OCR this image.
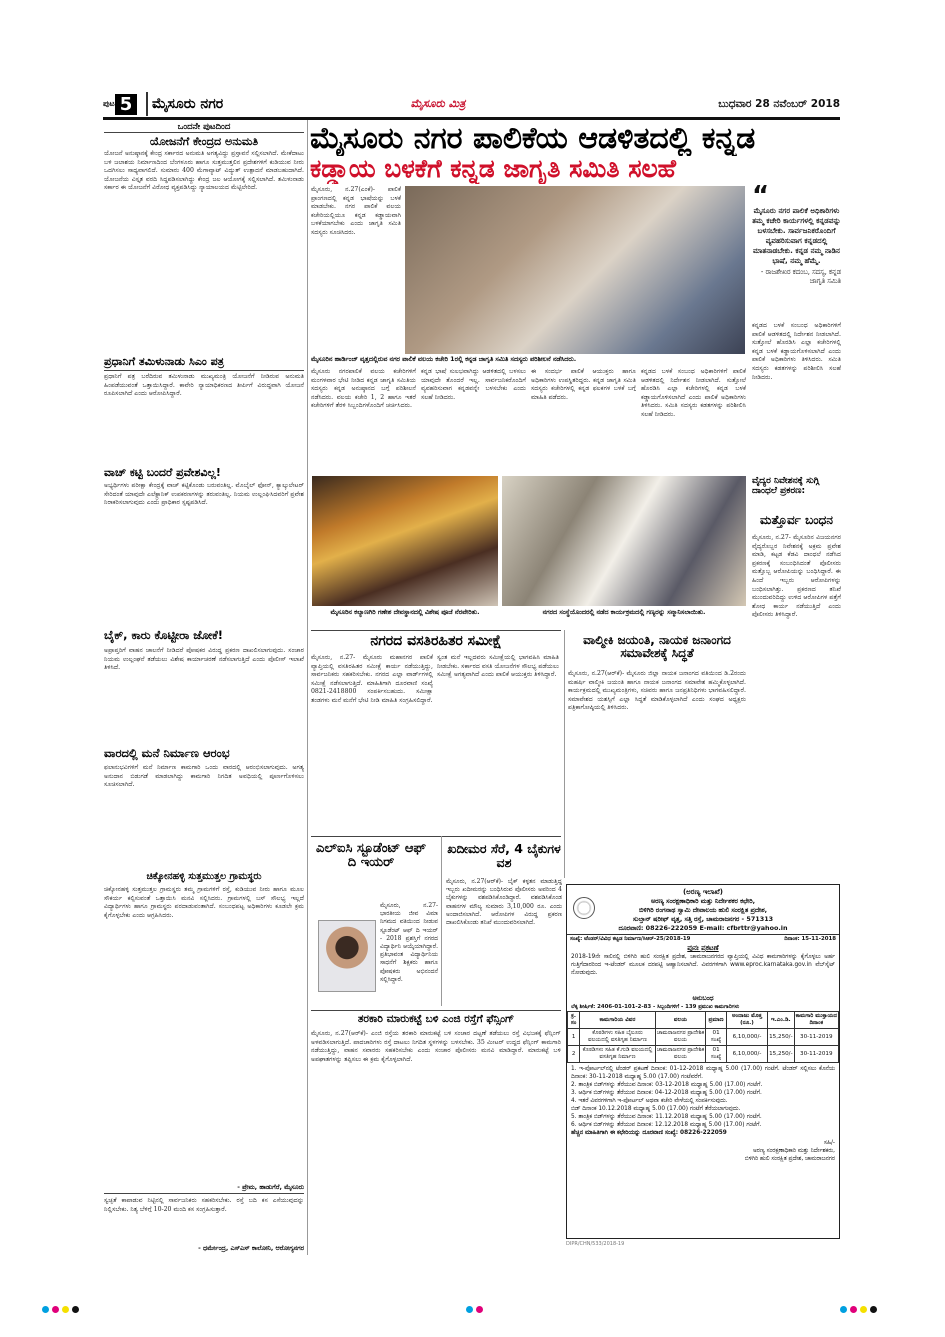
ಪುಟ 5	ಮೈಸೂರು ನಗರ	ಮೈಸೂರು ಮಿತ್ರ	ಬುಧವಾರ 28 ನವೆಂಬರ್ 2018
ಒಂದನೇ ಪುಟದಿಂದ
ಯೋಜನೆಗೆ ಕೇಂದ್ರದ ಅನುಮತಿ
ಯೋಜನೆ ಅನುಷ್ಠಾನಕ್ಕೆ ಕೇಂದ್ರ ಸರ್ಕಾರದ ಅನುಮತಿ ಅಗತ್ಯವಿದ್ದು ಪ್ರಸ್ತಾವನೆ ಸಲ್ಲಿಸಲಾಗಿದೆ. ಮೇಕೆದಾಟು ಬಳಿ ಜಲಾಶಯ ನಿರ್ಮಾಣದಿಂದ ಬೆಂಗಳೂರು ಹಾಗೂ ಸುತ್ತಮುತ್ತಲಿನ ಪ್ರದೇಶಗಳಿಗೆ ಕುಡಿಯುವ ನೀರು ಒದಗಿಸಲು ಸಾಧ್ಯವಾಗಲಿದೆ. ಸುಮಾರು 400 ಮೆಗಾವ್ಯಾಟ್ ವಿದ್ಯುತ್ ಉತ್ಪಾದನೆ ಮಾಡಬಹುದಾಗಿದೆ. ಯೋಜನೆಯ ವಿಸ್ತೃತ ವರದಿ ಸಿದ್ಧಪಡಿಸಲಾಗಿದ್ದು ಕೇಂದ್ರ ಜಲ ಆಯೋಗಕ್ಕೆ ಸಲ್ಲಿಸಲಾಗಿದೆ. ತಮಿಳುನಾಡು ಸರ್ಕಾರ ಈ ಯೋಜನೆಗೆ ವಿರೋಧ ವ್ಯಕ್ತಪಡಿಸಿದ್ದು ನ್ಯಾಯಾಲಯದ ಮೆಟ್ಟಿಲೇರಿದೆ.
ಪ್ರಧಾನಿಗೆ ತಮಿಳುನಾಡು ಸಿಎಂ ಪತ್ರ
ಪ್ರಧಾನಿಗೆ ಪತ್ರ ಬರೆದಿರುವ ತಮಿಳುನಾಡು ಮುಖ್ಯಮಂತ್ರಿ ಯೋಜನೆಗೆ ನೀಡಿರುವ ಅನುಮತಿ ಹಿಂಪಡೆಯುವಂತೆ ಒತ್ತಾಯಿಸಿದ್ದಾರೆ. ಕಾವೇರಿ ನ್ಯಾಯಾಧಿಕರಣದ ತೀರ್ಪಿಗೆ ವಿರುದ್ಧವಾಗಿ ಯೋಜನೆ ರೂಪಿಸಲಾಗಿದೆ ಎಂದು ಆರೋಪಿಸಿದ್ದಾರೆ.
ವಾಚ್ ಕಟ್ಟಿ ಬಂದರೆ ಪ್ರವೇಶವಿಲ್ಲ!
ಅಭ್ಯರ್ಥಿಗಳು ಪರೀಕ್ಷಾ ಕೇಂದ್ರಕ್ಕೆ ವಾಚ್ ಕಟ್ಟಿಕೊಂಡು ಬರುವಂತಿಲ್ಲ. ಮೊಬೈಲ್ ಫೋನ್, ಕ್ಯಾಲ್ಕುಲೇಟರ್ ಸೇರಿದಂತೆ ಯಾವುದೇ ಎಲೆಕ್ಟ್ರಾನಿಕ್ ಉಪಕರಣಗಳನ್ನು ತರುವಂತಿಲ್ಲ. ನಿಯಮ ಉಲ್ಲಂಘಿಸಿದವರಿಗೆ ಪ್ರವೇಶ ನಿರಾಕರಿಸಲಾಗುವುದು ಎಂದು ಪ್ರಾಧಿಕಾರ ಸ್ಪಷ್ಟಪಡಿಸಿದೆ.
ಬೈಕ್, ಕಾರು ಕೊಟ್ಟೀರಾ ಜೋಕೆ!
ಅಪ್ರಾಪ್ತರಿಗೆ ವಾಹನ ಚಾಲನೆಗೆ ನೀಡಿದರೆ ಪೋಷಕರ ವಿರುದ್ಧ ಪ್ರಕರಣ ದಾಖಲಿಸಲಾಗುವುದು. ಸಂಚಾರ ನಿಯಮ ಉಲ್ಲಂಘನೆ ತಡೆಯಲು ವಿಶೇಷ ಕಾರ್ಯಾಚರಣೆ ನಡೆಸಲಾಗುತ್ತಿದೆ ಎಂದು ಪೊಲೀಸ್ ಇಲಾಖೆ ತಿಳಿಸಿದೆ.
ವಾರದಲ್ಲಿ ಮನೆ ನಿರ್ಮಾಣ ಆರಂಭ
ಫಲಾನುಭವಿಗಳಿಗೆ ಮನೆ ನಿರ್ಮಾಣ ಕಾಮಗಾರಿ ಒಂದು ವಾರದಲ್ಲಿ ಆರಂಭಿಸಲಾಗುವುದು. ಅಗತ್ಯ ಅನುದಾನ ಬಿಡುಗಡೆ ಮಾಡಲಾಗಿದ್ದು ಕಾಮಗಾರಿ ನಿಗದಿತ ಅವಧಿಯಲ್ಲಿ ಪೂರ್ಣಗೊಳಿಸಲು ಸೂಚಿಸಲಾಗಿದೆ.
ಚಿಕ್ಕೋನಹಳ್ಳಿ ಸುತ್ತಮುತ್ತಲ ಗ್ರಾಮಸ್ಥರು
ಚಿಕ್ಕೋನಹಳ್ಳಿ ಸುತ್ತಮುತ್ತಲ ಗ್ರಾಮಸ್ಥರು ತಮ್ಮ ಗ್ರಾಮಗಳಿಗೆ ರಸ್ತೆ, ಕುಡಿಯುವ ನೀರು ಹಾಗೂ ಮೂಲ ಸೌಕರ್ಯ ಕಲ್ಪಿಸುವಂತೆ ಒತ್ತಾಯಿಸಿ ಮನವಿ ಸಲ್ಲಿಸಿದರು. ಗ್ರಾಮಗಳಲ್ಲಿ ಬಸ್ ಸೌಲಭ್ಯ ಇಲ್ಲದೆ ವಿದ್ಯಾರ್ಥಿಗಳು ಹಾಗೂ ಗ್ರಾಮಸ್ಥರು ಪರದಾಡುವಂತಾಗಿದೆ. ಸಂಬಂಧಪಟ್ಟ ಅಧಿಕಾರಿಗಳು ಕೂಡಲೇ ಕ್ರಮ ಕೈಗೊಳ್ಳಬೇಕು ಎಂದು ಆಗ್ರಹಿಸಿದರು.
- ಪ್ರೇಮ, ಹಾಡುಗೆರೆ, ಮೈಸೂರು
ಸ್ವಚ್ಛತೆ ಕಾಪಾಡುವ ನಿಟ್ಟಿನಲ್ಲಿ ಸಾರ್ವಜನಿಕರು ಸಹಕರಿಸಬೇಕು. ರಸ್ತೆ ಬದಿ ಕಸ ಎಸೆಯುವುದನ್ನು ನಿಲ್ಲಿಸಬೇಕು. ನಿತ್ಯ ಬೆಳಿಗ್ಗೆ 10-20 ಮಂದಿ ಕಸ ಸಂಗ್ರಹಿಸುತ್ತಾರೆ.
- ಧರ್ಮೇಂದ್ರ, ಎಸ್‌ಎಸ್ ಕಾಲೋನಿ, ಆರೋಗ್ಯನಗರ
ಮೈಸೂರು ನಗರ ಪಾಲಿಕೆಯ ಆಡಳಿತದಲ್ಲಿ ಕನ್ನಡ
ಕಡ್ಡಾಯ ಬಳಕೆಗೆ ಕನ್ನಡ ಜಾಗೃತಿ ಸಮಿತಿ ಸಲಹೆ
ಮೈಸೂರು, ನ.27(ಎಂಕೆ)- ಪಾಲಿಕೆ ಪ್ರಾಂಗಣದಲ್ಲಿ ಕನ್ನಡ ಭಾಷೆಯನ್ನು ಬಳಕೆ ಮಾಡಬೇಕು. ನಗರ ಪಾಲಿಕೆ ವಲಯ ಕಚೇರಿಯಲ್ಲಿಯೂ ಕನ್ನಡ ಕಡ್ಡಾಯವಾಗಿ ಬಳಕೆಯಾಗಬೇಕು ಎಂದು ಜಾಗೃತಿ ಸಮಿತಿ ಸದಸ್ಯರು ಸೂಚಿಸಿದರು.
ಮೈಸೂರಿನ ಹಾರ್ಡಿಂಜ್ ವೃತ್ತದಲ್ಲಿರುವ ನಗರ ಪಾಲಿಕೆ ವಲಯ ಕಚೇರಿ 1ರಲ್ಲಿ ಕನ್ನಡ ಜಾಗೃತಿ ಸಮಿತಿ ಸದಸ್ಯರು ಪರಿಶೀಲನೆ ನಡೆಸಿದರು.
ಮೈಸೂರು ನಗರಪಾಲಿಕೆ ವಲಯ ಕಚೇರಿಗಳಿಗೆ ಮಂಗಳವಾರ ಭೇಟಿ ನೀಡಿದ ಕನ್ನಡ ಜಾಗೃತಿ ಸಮಿತಿಯ ಸದಸ್ಯರು ಕನ್ನಡ ಅನುಷ್ಠಾನದ ಬಗ್ಗೆ ಪರಿಶೀಲನೆ ನಡೆಸಿದರು. ವಲಯ ಕಚೇರಿ 1, 2 ಹಾಗೂ ಇತರೆ ಕಚೇರಿಗಳಿಗೆ ತೆರಳಿ ಸಿಬ್ಬಂದಿಗಳೊಂದಿಗೆ ಚರ್ಚಿಸಿದರು.
ಕನ್ನಡ ಭಾಷೆ ಸುಲಭವಾಗಿದ್ದು ಆಡಳಿತದಲ್ಲಿ ಬಳಸಲು ಯಾವುದೇ ತೊಂದರೆ ಇಲ್ಲ. ಸಾರ್ವಜನಿಕರೊಂದಿಗೆ ವ್ಯವಹರಿಸುವಾಗ ಕನ್ನಡವನ್ನೇ ಬಳಸಬೇಕು ಎಂದು ಸಲಹೆ ನೀಡಿದರು.
ಈ ಸಂದರ್ಭ ಪಾಲಿಕೆ ಆಯುಕ್ತರು ಹಾಗೂ ಅಧಿಕಾರಿಗಳು ಉಪಸ್ಥಿತರಿದ್ದರು. ಕನ್ನಡ ಜಾಗೃತಿ ಸಮಿತಿ ಸದಸ್ಯರು ಕಚೇರಿಗಳಲ್ಲಿ ಕನ್ನಡ ಫಲಕಗಳ ಬಳಕೆ ಬಗ್ಗೆ ಮಾಹಿತಿ ಪಡೆದರು.
ಕನ್ನಡದ ಬಳಕೆ ಸಂಬಂಧ ಅಧಿಕಾರಿಗಳಿಗೆ ಪಾಲಿಕೆ ಆಡಳಿತದಲ್ಲಿ ನಿರ್ದೇಶನ ನೀಡಲಾಗಿದೆ. ಸುತ್ತೋಲೆ ಹೊರಡಿಸಿ ಎಲ್ಲಾ ಕಚೇರಿಗಳಲ್ಲಿ ಕನ್ನಡ ಬಳಕೆ ಕಡ್ಡಾಯಗೊಳಿಸಲಾಗಿದೆ ಎಂದು ಪಾಲಿಕೆ ಅಧಿಕಾರಿಗಳು ತಿಳಿಸಿದರು. ಸಮಿತಿ ಸದಸ್ಯರು ಕಡತಗಳನ್ನು ಪರಿಶೀಲಿಸಿ ಸಲಹೆ ನೀಡಿದರು.
“
ಮೈಸೂರು ನಗರ ಪಾಲಿಕೆ ಅಧಿಕಾರಿಗಳು ತಮ್ಮ ಕಚೇರಿ ಕಾರ್ಯಗಳಲ್ಲಿ ಕನ್ನಡವನ್ನು ಬಳಸಬೇಕು. ಸಾರ್ವಜನಿಕರೊಂದಿಗೆ ವ್ಯವಹರಿಸುವಾಗ ಕನ್ನಡದಲ್ಲಿ ಮಾತನಾಡಬೇಕು. ಕನ್ನಡ ನಮ್ಮ ನಾಡಿನ ಭಾಷೆ, ನಮ್ಮ ಹೆಮ್ಮೆ.
- ರಾಜಶೇಖರ ಕದಂಬ, ಸದಸ್ಯ, ಕನ್ನಡ ಜಾಗೃತಿ ಸಮಿತಿ
ಕನ್ನಡದ ಬಳಕೆ ಸಂಬಂಧ ಅಧಿಕಾರಿಗಳಿಗೆ ಪಾಲಿಕೆ ಆಡಳಿತದಲ್ಲಿ ನಿರ್ದೇಶನ ನೀಡಲಾಗಿದೆ. ಸುತ್ತೋಲೆ ಹೊರಡಿಸಿ ಎಲ್ಲಾ ಕಚೇರಿಗಳಲ್ಲಿ ಕನ್ನಡ ಬಳಕೆ ಕಡ್ಡಾಯಗೊಳಿಸಲಾಗಿದೆ ಎಂದು ಪಾಲಿಕೆ ಅಧಿಕಾರಿಗಳು ತಿಳಿಸಿದರು. ಸಮಿತಿ ಸದಸ್ಯರು ಕಡತಗಳನ್ನು ಪರಿಶೀಲಿಸಿ ಸಲಹೆ ನೀಡಿದರು.
ಮೈಸೂರಿನ ಕಲ್ಯಾಣಗಿರಿ ಗಣೇಶ ದೇವಸ್ಥಾನದಲ್ಲಿ ವಿಶೇಷ ಪೂಜೆ ನೆರವೇರಿತು.	ನಗರದ ಸಂಸ್ಥೆಯೊಂದರಲ್ಲಿ ನಡೆದ ಕಾರ್ಯಕ್ರಮದಲ್ಲಿ ಗಣ್ಯರನ್ನು ಸನ್ಮಾನಿಸಲಾಯಿತು.
ವೈದ್ಯರ ನಿವೇಶನಕ್ಕೆ ಸುಗ್ಗಿ ದಾಂಧಲೆ ಪ್ರಕರಣ:
ಮತ್ತೊರ್ವ ಬಂಧನ
ಮೈಸೂರು, ನ.27- ಮೈಸೂರಿನ ವಿಜಯನಗರ ವೈದ್ಯರೊಬ್ಬರ ನಿವೇಶನಕ್ಕೆ ಅಕ್ರಮ ಪ್ರವೇಶ ಮಾಡಿ, ಕಟ್ಟಡ ಕೆಡವಿ ದಾಂಧಲೆ ನಡೆಸಿದ ಪ್ರಕರಣಕ್ಕೆ ಸಂಬಂಧಿಸಿದಂತೆ ಪೊಲೀಸರು ಮತ್ತೊಬ್ಬ ಆರೋಪಿಯನ್ನು ಬಂಧಿಸಿದ್ದಾರೆ. ಈ ಹಿಂದೆ ಇಬ್ಬರು ಆರೋಪಿಗಳನ್ನು ಬಂಧಿಸಲಾಗಿತ್ತು. ಪ್ರಕರಣದ ತನಿಖೆ ಮುಂದುವರಿದಿದ್ದು ಉಳಿದ ಆರೋಪಿಗಳ ಪತ್ತೆಗೆ ಶೋಧ ಕಾರ್ಯ ನಡೆಯುತ್ತಿದೆ ಎಂದು ಪೊಲೀಸರು ತಿಳಿಸಿದ್ದಾರೆ.
ನಗರದ ವಸತಿರಹಿತರ ಸಮೀಕ್ಷೆ
ಮೈಸೂರು, ನ.27- ಮೈಸೂರು ಮಹಾನಗರ ಪಾಲಿಕೆ ವ್ಯಾಪ್ತಿಯಲ್ಲಿ ವಸತಿರಹಿತರ ಸಮೀಕ್ಷೆ ಕಾರ್ಯ ನಡೆಯುತ್ತಿದ್ದು, ಸಾರ್ವಜನಿಕರು ಸಹಕರಿಸಬೇಕು. ನಗರದ ಎಲ್ಲಾ ವಾರ್ಡ್‌ಗಳಲ್ಲಿ ಸಮೀಕ್ಷೆ ನಡೆಸಲಾಗುತ್ತಿದೆ. ಮಾಹಿತಿಗಾಗಿ ದೂರವಾಣಿ ಸಂಖ್ಯೆ 0821-2418800 ಸಂಪರ್ಕಿಸಬಹುದು. ಸಮೀಕ್ಷಾ ತಂಡಗಳು ಮನೆ ಮನೆಗೆ ಭೇಟಿ ನೀಡಿ ಮಾಹಿತಿ ಸಂಗ್ರಹಿಸಲಿದ್ದಾರೆ.
ಸ್ವಂತ ಮನೆ ಇಲ್ಲದವರು ಸಮೀಕ್ಷೆಯಲ್ಲಿ ಭಾಗವಹಿಸಿ ಮಾಹಿತಿ ನೀಡಬೇಕು. ಸರ್ಕಾರದ ವಸತಿ ಯೋಜನೆಗಳ ಸೌಲಭ್ಯ ಪಡೆಯಲು ಸಮೀಕ್ಷೆ ಅಗತ್ಯವಾಗಿದೆ ಎಂದು ಪಾಲಿಕೆ ಆಯುಕ್ತರು ತಿಳಿಸಿದ್ದಾರೆ.
ವಾಲ್ಮೀಕಿ ಜಯಂತಿ, ನಾಯಕ ಜನಾಂಗದ ಸಮಾವೇಶಕ್ಕೆ ಸಿದ್ಧತೆ
ಮೈಸೂರು, ನ.27(ಆರ್‌ಕೆ)- ಮೈಸೂರು ಜಿಲ್ಲಾ ನಾಯಕ ಜನಾಂಗದ ವತಿಯಿಂದ ಡಿ.2ರಂದು ಮಹರ್ಷಿ ವಾಲ್ಮೀಕಿ ಜಯಂತಿ ಹಾಗೂ ನಾಯಕ ಜನಾಂಗದ ಸಮಾವೇಶ ಹಮ್ಮಿಕೊಳ್ಳಲಾಗಿದೆ. ಕಾರ್ಯಕ್ರಮದಲ್ಲಿ ಮುಖ್ಯಮಂತ್ರಿಗಳು, ಸಚಿವರು ಹಾಗೂ ಜನಪ್ರತಿನಿಧಿಗಳು ಭಾಗವಹಿಸಲಿದ್ದಾರೆ. ಸಮಾವೇಶದ ಯಶಸ್ಸಿಗೆ ಎಲ್ಲಾ ಸಿದ್ಧತೆ ಮಾಡಿಕೊಳ್ಳಲಾಗಿದೆ ಎಂದು ಸಂಘದ ಅಧ್ಯಕ್ಷರು ಪತ್ರಿಕಾಗೋಷ್ಠಿಯಲ್ಲಿ ತಿಳಿಸಿದರು.
ಎಲ್ಐಸಿ ಸ್ಟೂಡೆಂಟ್ ಆಫ್ ದಿ ಇಯರ್
ಮೈಸೂರು, ನ.27- ಭಾರತೀಯ ಜೀವ ವಿಮಾ ನಿಗಮದ ವತಿಯಿಂದ ನೀಡುವ ಸ್ಟೂಡೆಂಟ್ ಆಫ್ ದಿ ಇಯರ್ - 2018 ಪ್ರಶಸ್ತಿಗೆ ನಗರದ ವಿದ್ಯಾರ್ಥಿನಿ ಆಯ್ಕೆಯಾಗಿದ್ದಾರೆ. ಪ್ರತಿಭಾವಂತ ವಿದ್ಯಾರ್ಥಿನಿಯ ಸಾಧನೆಗೆ ಶಿಕ್ಷಕರು ಹಾಗೂ ಪೋಷಕರು ಅಭಿನಂದನೆ ಸಲ್ಲಿಸಿದ್ದಾರೆ.
ಖದೀಮರ ಸೆರೆ, 4 ಬೈಕುಗಳ ವಶ
ಮೈಸೂರು, ನ.27(ಆರ್‌ಕೆ)- ಬೈಕ್ ಕಳ್ಳತನ ಮಾಡುತ್ತಿದ್ದ ಇಬ್ಬರು ಖದೀಮರನ್ನು ಬಂಧಿಸಿರುವ ಪೊಲೀಸರು ಅವರಿಂದ 4 ಬೈಕುಗಳನ್ನು ವಶಪಡಿಸಿಕೊಂಡಿದ್ದಾರೆ. ವಶಪಡಿಸಿಕೊಂಡ ವಾಹನಗಳ ಮೌಲ್ಯ ಸುಮಾರು 3,10,000 ರೂ. ಎಂದು ಅಂದಾಜಿಸಲಾಗಿದೆ. ಆರೋಪಿಗಳ ವಿರುದ್ಧ ಪ್ರಕರಣ ದಾಖಲಿಸಿಕೊಂಡು ತನಿಖೆ ಮುಂದುವರಿಸಲಾಗಿದೆ.
ತರಕಾರಿ ಮಾರುಕಟ್ಟೆ ಬಳಿ ಎಂಜಿ ರಸ್ತೆಗೆ ಫೆನ್ಸಿಂಗ್
ಮೈಸೂರು, ನ.27(ಆರ್‌ಕೆ)- ಎಂಜಿ ರಸ್ತೆಯ ತರಕಾರಿ ಮಾರುಕಟ್ಟೆ ಬಳಿ ಸಂಚಾರ ದಟ್ಟಣೆ ತಡೆಯಲು ರಸ್ತೆ ವಿಭಜಕಕ್ಕೆ ಫೆನ್ಸಿಂಗ್ ಅಳವಡಿಸಲಾಗುತ್ತಿದೆ. ಪಾದಚಾರಿಗಳು ರಸ್ತೆ ದಾಟಲು ನಿಗದಿತ ಸ್ಥಳಗಳನ್ನು ಬಳಸಬೇಕು. 35 ಮೀಟರ್ ಉದ್ದದ ಫೆನ್ಸಿಂಗ್ ಕಾಮಗಾರಿ ನಡೆಯುತ್ತಿದ್ದು, ವಾಹನ ಸವಾರರು ಸಹಕರಿಸಬೇಕು ಎಂದು ಸಂಚಾರ ಪೊಲೀಸರು ಮನವಿ ಮಾಡಿದ್ದಾರೆ. ಮಾರುಕಟ್ಟೆ ಬಳಿ ಅಪಘಾತಗಳನ್ನು ತಪ್ಪಿಸಲು ಈ ಕ್ರಮ ಕೈಗೊಳ್ಳಲಾಗಿದೆ.
(ಅರಣ್ಯ ಇಲಾಖೆ)
ಅರಣ್ಯ ಸಂರಕ್ಷಣಾಧಿಕಾರಿ ಮತ್ತು ನಿರ್ದೇಶಕರ ಕಛೇರಿ,
ಬಿಳಿಗಿರಿ ರಂಗನಾಥ ಸ್ವಾಮಿ ದೇವಾಲಯ ಹುಲಿ ಸಂರಕ್ಷಿತ ಪ್ರದೇಶ,
ಸುಲ್ತಾನ್ ಷರೀಫ್ ವೃತ್ತ, ಸತ್ತಿ ರಸ್ತೆ, ಚಾಮರಾಜನಗರ - 571313
ದೂರವಾಣಿ: 08226-222059 E-mail: cfbrttr@yahoo.in
ಸಂಖ್ಯೆ: ಟೆಂಡರ್/ವಿವಿಧ ಕಟ್ಟಡ ನಿರ್ಮಾಣ/ಸಿಆರ್-25/2018-19	ದಿನಾಂಕ: 15-11-2018
ಪುನಃ ಪ್ರಕಟಣೆ
2018-19ನೇ ಸಾಲಿನಲ್ಲಿ ಬಿಳಿಗಿರಿ ಹುಲಿ ಸಂರಕ್ಷಿತ ಪ್ರದೇಶ, ಚಾಮರಾಜನಗರದ ವ್ಯಾಪ್ತಿಯಲ್ಲಿ ವಿವಿಧ ಕಾಮಗಾರಿಗಳನ್ನು ಕೈಗೊಳ್ಳಲು ಅರ್ಹ ಗುತ್ತಿಗೆದಾರರಿಂದ ಇ-ಟೆಂಡರ್ ಮೂಲಕ ದರಪಟ್ಟಿ ಆಹ್ವಾನಿಸಲಾಗಿದೆ. ವಿವರಗಳಿಗಾಗಿ www.eproc.karnataka.gov.in ವೆಬ್‌ಸೈಟ್ ನೋಡುವುದು.
ಅನುಬಂಧ
ಲೆಕ್ಕ ಶೀರ್ಷಿಕೆ: 2406-01-101-2-83 - ಸಿಬ್ಬಂದಿಗಳಿಗೆ - 139 ಪ್ರಮುಖ ಕಾಮಗಾರಿಗಳು
ಕ್ರ. ಸಂ	ಕಾಮಗಾರಿಯ ವಿವರ	ವಲಯ	ಪ್ರಮಾಣ	ಅಂದಾಜು ಮೊತ್ತ (ರೂ.)	ಇ.ಎಂ.ಡಿ.	ಕಾಮಗಾರಿ ಮುಕ್ತಾಯದ ದಿನಾಂಕ
1	ಕೊಠಡಿಗಳು ಸಹಿತ ಬೈಲೂರು ವಲಯದಲ್ಲಿ ವಸತಿಗೃಹ ನಿರ್ಮಾಣ	ಚಾಮರಾಜನಗರ ಪ್ರಾದೇಶಿಕ ವಲಯ	01 ಸಂಖ್ಯೆ	6,10,000/-	15,250/-	30-11-2019
2	ಕೊಠಡಿಗಳು ಸಹಿತ ಕೆ.ಗುಡಿ ವಲಯದಲ್ಲಿ ವಸತಿಗೃಹ ನಿರ್ಮಾಣ	ಚಾಮರಾಜನಗರ ಪ್ರಾದೇಶಿಕ ವಲಯ	01 ಸಂಖ್ಯೆ	6,10,000/-	15,250/-	30-11-2019
1. ಇ-ಪೋರ್ಟಲ್‌ನಲ್ಲಿ ಟೆಂಡರ್ ಪ್ರಕಟಣೆ ದಿನಾಂಕ: 01-12-2018 ಮಧ್ಯಾಹ್ನ 5.00 (17.00) ಗಂಟೆಗೆ. ಟೆಂಡರ್ ಸಲ್ಲಿಸಲು ಕೊನೆಯ ದಿನಾಂಕ: 30-11-2018 ಮಧ್ಯಾಹ್ನ 5.00 (17.00) ಗಂಟೆವರೆಗೆ.
2. ತಾಂತ್ರಿಕ ಬಿಡ್‌ಗಳನ್ನು ತೆರೆಯುವ ದಿನಾಂಕ: 03-12-2018 ಮಧ್ಯಾಹ್ನ 5.00 (17.00) ಗಂಟೆಗೆ.
3. ಆರ್ಥಿಕ ಬಿಡ್‌ಗಳನ್ನು ತೆರೆಯುವ ದಿನಾಂಕ: 04-12-2018 ಮಧ್ಯಾಹ್ನ 5.00 (17.00) ಗಂಟೆಗೆ.
4. ಇತರೆ ವಿವರಗಳಿಗಾಗಿ ಇ-ಪೋರ್ಟಲ್ ಅಥವಾ ಕಚೇರಿ ವೇಳೆಯಲ್ಲಿ ಸಂಪರ್ಕಿಸುವುದು.
ಬಿಡ್ ದಿನಾಂಕ 10.12.2018 ಮಧ್ಯಾಹ್ನ 5.00 (17.00) ಗಂಟೆಗೆ ತೆರೆಯಲಾಗುವುದು.
5. ತಾಂತ್ರಿಕ ಬಿಡ್‌ಗಳನ್ನು ತೆರೆಯುವ ದಿನಾಂಕ: 11.12.2018 ಮಧ್ಯಾಹ್ನ 5.00 (17.00) ಗಂಟೆಗೆ.
6. ಆರ್ಥಿಕ ಬಿಡ್‌ಗಳನ್ನು ತೆರೆಯುವ ದಿನಾಂಕ: 12.12.2018 ಮಧ್ಯಾಹ್ನ 5.00 (17.00) ಗಂಟೆಗೆ.
ಹೆಚ್ಚಿನ ಮಾಹಿತಿಗಾಗಿ ಈ ಕಛೇರಿಯನ್ನು ದೂರವಾಣಿ ಸಂಖ್ಯೆ: 08226-222059
ಸಹಿ/-
ಅರಣ್ಯ ಸಂರಕ್ಷಣಾಧಿಕಾರಿ ಮತ್ತು ನಿರ್ದೇಶಕರು,
ಬಿಳಿಗಿರಿ ಹುಲಿ ಸಂರಕ್ಷಿತ ಪ್ರದೇಶ, ಚಾಮರಾಜನಗರ
DIPR/CHN/533/2018-19
